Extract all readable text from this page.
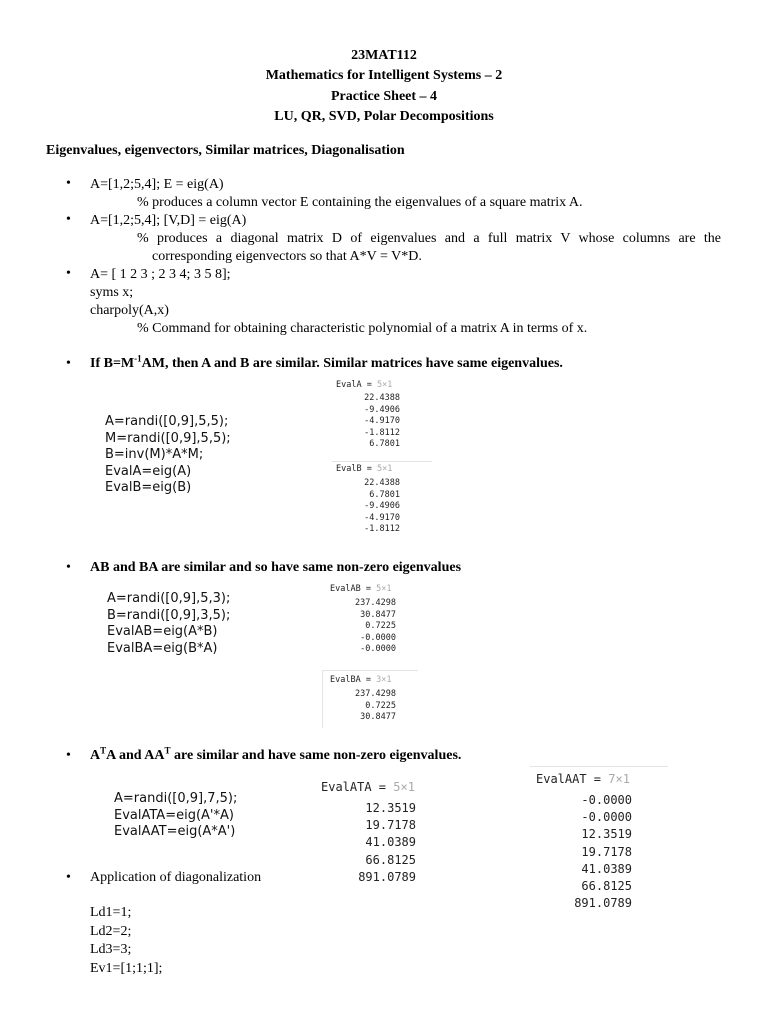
23MAT112
Mathematics for Intelligent Systems – 2
Practice Sheet – 4
LU, QR, SVD, Polar Decompositions
Eigenvalues, eigenvectors, Similar matrices, Diagonalisation
• A=[1,2;5,4]; E = eig(A)
% produces a column vector E containing the eigenvalues of a square matrix A.
• A=[1,2;5,4]; [V,D] = eig(A)
% produces a diagonal matrix D of eigenvalues and a full matrix V whose columns are the
corresponding eigenvectors so that A*V = V*D.
• A= [ 1 2 3 ; 2 3 4; 3 5 8];
syms x;
charpoly(A,x)
% Command for obtaining characteristic polynomial of a matrix A in terms of x.
• If $B=M^{-1}AM$, then A and B are similar. Similar matrices have same eigenvalues.
A=randi([0,9],5,5);
M=randi([0,9],5,5);
B=inv(M)*A*M;
EvalA=eig(A)
EvalB=eig(B)
EvalA = 5×1
22.4388
-9.4906
-4.9170
-1.8112
6.7801
EvalB = 5×1
22.4388
6.7801
-9.4906
-4.9170
-1.8112
• AB and BA are similar and so have same non-zero eigenvalues
A=randi([0,9],5,3);
B=randi([0,9],3,5);
EvalAB=eig(A*B)
EvalBA=eig(B*A)
EvalAB = 5×1
237.4298
30.8477
0.7225
-0.0000
-0.0000
EvalBA = 3×1
237.4298
0.7225
30.8477
• $A^TA$ and $AA^T$ are similar and have same non-zero eigenvalues.
A=randi([0,9],7,5);
EvalATA=eig(A'*A)
EvalAAT=eig(A*A')
EvalATA = 5×1
12.3519
19.7178
41.0389
66.8125
891.0789
EvalAAT = 7×1
-0.0000
-0.0000
12.3519
19.7178
41.0389
66.8125
891.0789
• Application of diagonalization
Ld1=1;
Ld2=2;
Ld3=3;
Ev1=[1;1;1];
